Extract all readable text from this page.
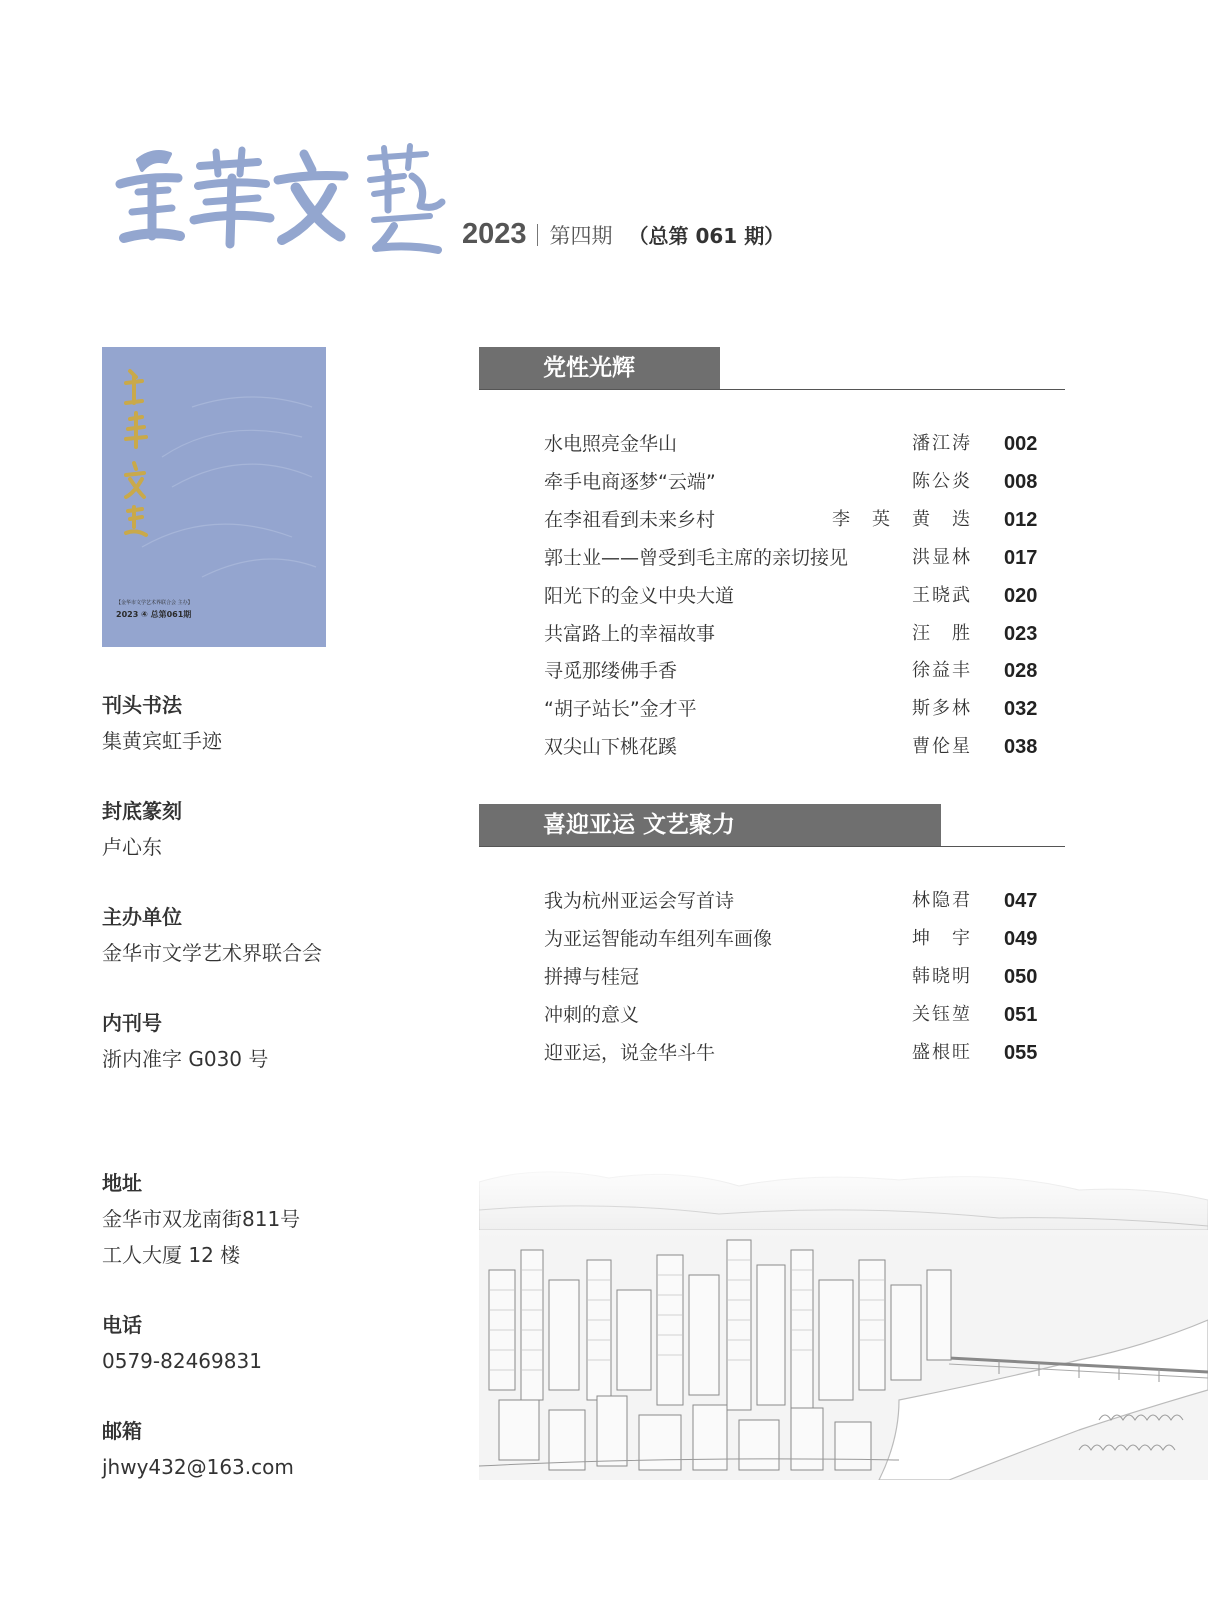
2023 第四期 （总第 061 期）
【金华市文学艺术界联合会 主办】
2023 ④ 总第061期
刊头书法
集黄宾虹手迹
封底篆刻
卢心东
主办单位
金华市文学艺术界联合会
内刊号
浙内准字 G030 号
地址
金华市双龙南街811号
工人大厦 12 楼
电话
0579-82469831
邮箱
jhwy432@163.com
党性光辉
水电照亮金华山	潘江涛 002
牵手电商逐梦“云端”	陈公炎 008
在李祖看到未来乡村	李　英　黄　迭 012
郭士业——曾受到毛主席的亲切接见	洪显林 017
阳光下的金义中央大道	王晓武 020
共富路上的幸福故事	汪　胜 023
寻觅那缕佛手香	徐益丰 028
“胡子站长”金才平	斯多林 032
双尖山下桃花蹊	曹伦星 038
喜迎亚运 文艺聚力
我为杭州亚运会写首诗	林隐君 047
为亚运智能动车组列车画像	坤　宇 049
拼搏与桂冠	韩晓明 050
冲刺的意义	关钰堃 051
迎亚运，说金华斗牛	盛根旺 055
